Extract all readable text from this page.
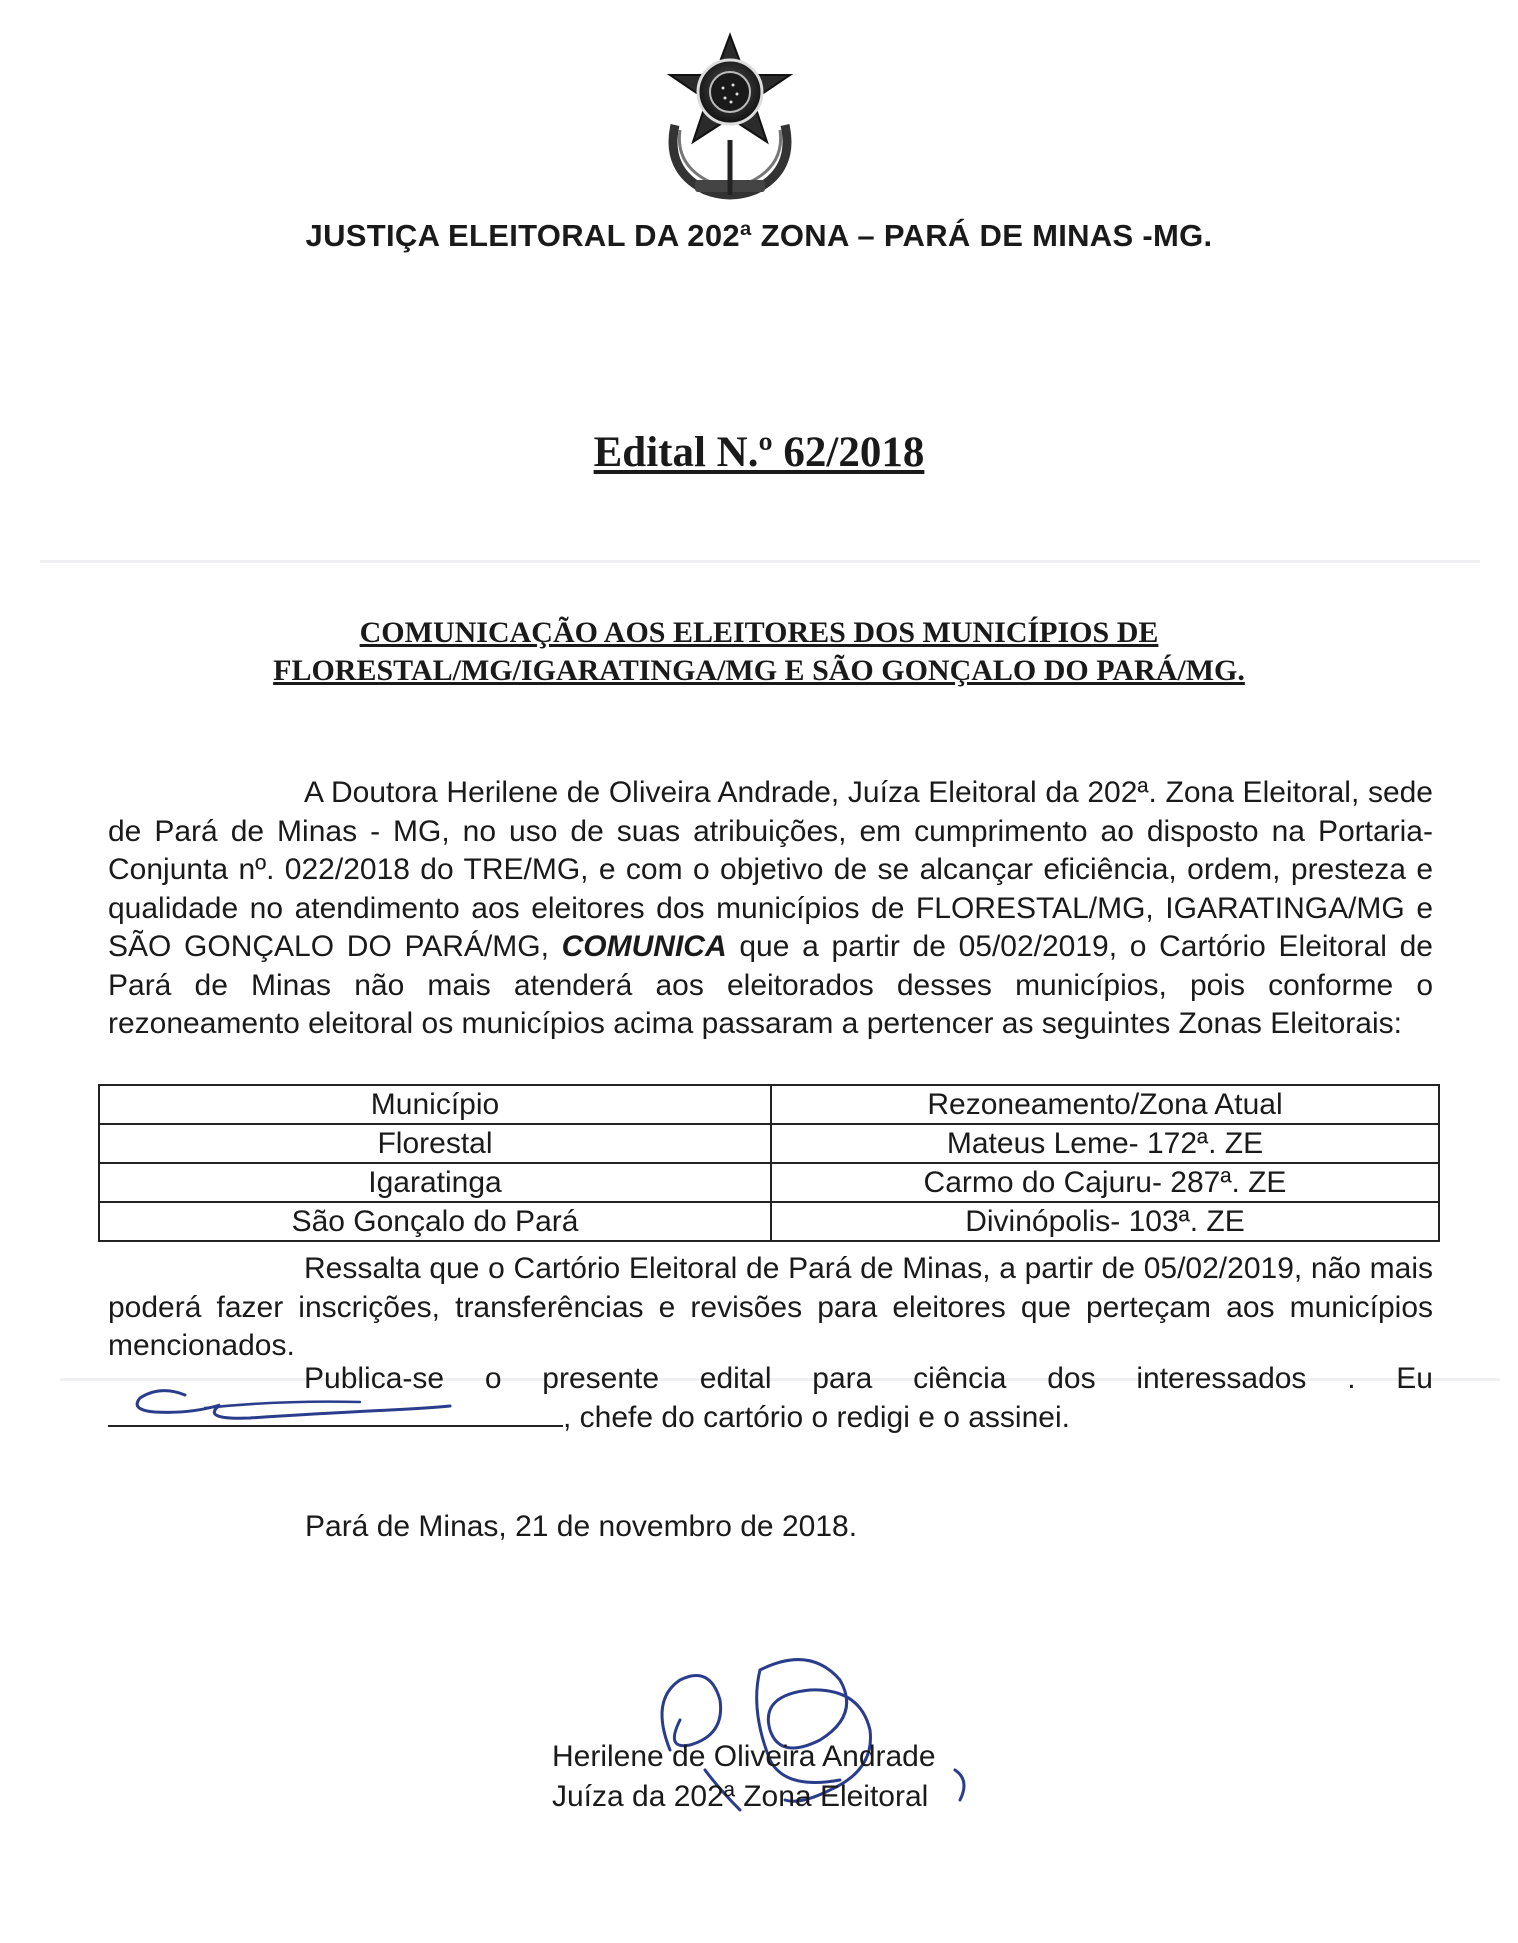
JUSTIÇA ELEITORAL DA 202ª ZONA – PARÁ DE MINAS -MG.
Edital N.º 62/2018
COMUNICAÇÃO AOS ELEITORES DOS MUNICÍPIOS DE
FLORESTAL/MG/IGARATINGA/MG E SÃO GONÇALO DO PARÁ/MG.
A Doutora Herilene de Oliveira Andrade, Juíza Eleitoral da 202ª. Zona Eleitoral, sede de Pará de Minas - MG, no uso de suas atribuições, em cumprimento ao disposto na Portaria-Conjunta nº. 022/2018 do TRE/MG, e com o objetivo de se alcançar eficiência, ordem, presteza e qualidade no atendimento aos eleitores dos municípios de FLORESTAL/MG, IGARATINGA/MG e SÃO GONÇALO DO PARÁ/MG, COMUNICA que a partir de 05/02/2019, o Cartório Eleitoral de Pará de Minas não mais atenderá aos eleitorados desses municípios, pois conforme o rezoneamento eleitoral os municípios acima passaram a pertencer as seguintes Zonas Eleitorais:
Município	Rezoneamento/Zona Atual
Florestal	Mateus Leme- 172ª. ZE
Igaratinga	Carmo do Cajuru- 287ª. ZE
São Gonçalo do Pará	Divinópolis- 103ª. ZE
Ressalta que o Cartório Eleitoral de Pará de Minas, a partir de 05/02/2019, não mais poderá fazer inscrições, transferências e revisões para eleitores que perteçam aos municípios mencionados.
Publica-se o presente edital para ciência dos interessados . Eu , chefe do cartório o redigi e o assinei.
Pará de Minas, 21 de novembro de 2018.
Herilene de Oliveira Andrade
Juíza da 202ª Zona Eleitoral
